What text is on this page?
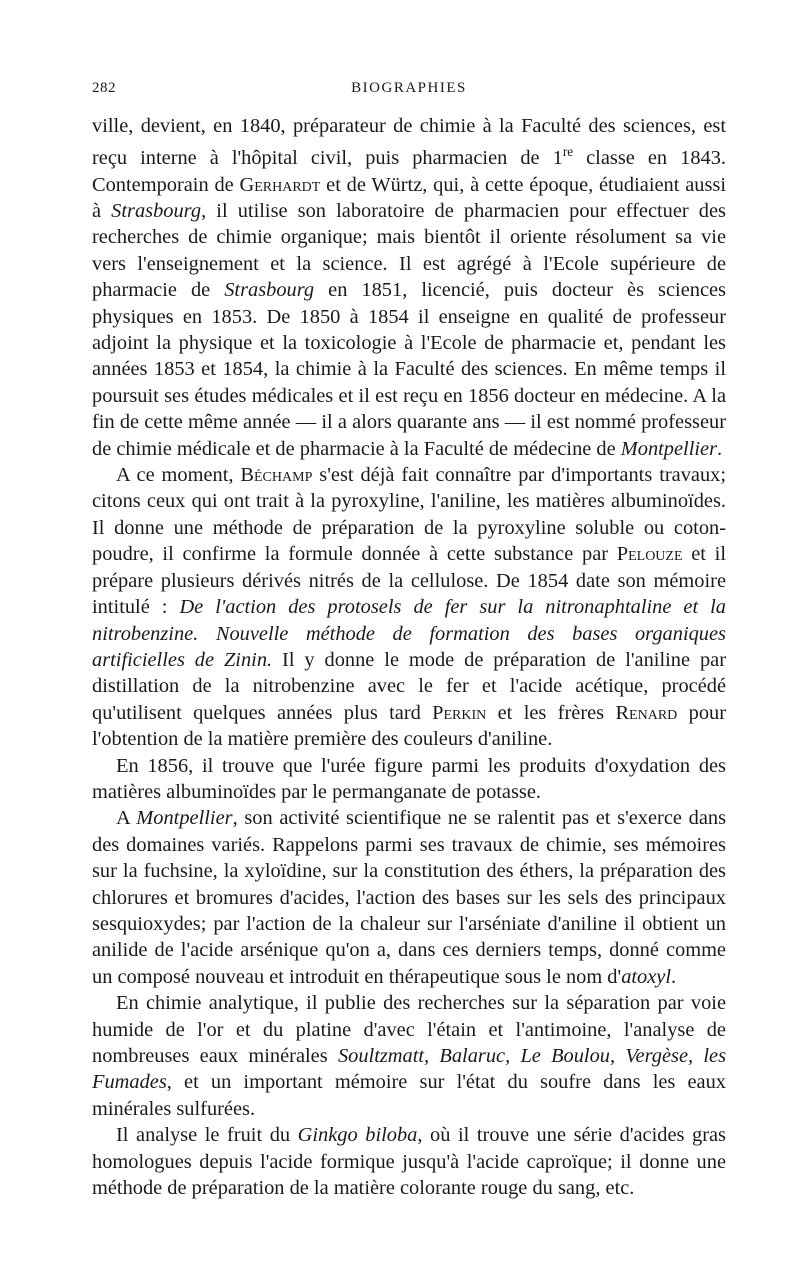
282	BIOGRAPHIES

ville, devient, en 1840, préparateur de chimie à la Faculté des sciences, est reçu interne à l'hôpital civil, puis pharmacien de 1re classe en 1843. Contemporain de Gerhardt et de Würtz, qui, à cette époque, étudiaient aussi à Strasbourg, il utilise son laboratoire de pharmacien pour effectuer des recherches de chimie organique; mais bientôt il oriente résolument sa vie vers l'enseignement et la science. Il est agrégé à l'Ecole supérieure de pharmacie de Strasbourg en 1851, licencié, puis docteur ès sciences physiques en 1853. De 1850 à 1854 il enseigne en qualité de professeur adjoint la physique et la toxicologie à l'Ecole de pharmacie et, pendant les années 1853 et 1854, la chimie à la Faculté des sciences. En même temps il poursuit ses études médicales et il est reçu en 1856 docteur en médecine. A la fin de cette même année — il a alors quarante ans — il est nommé professeur de chimie médicale et de pharmacie à la Faculté de médecine de Montpellier.

A ce moment, Béchamp s'est déjà fait connaître par d'importants travaux; citons ceux qui ont trait à la pyroxyline, l'aniline, les matières albuminoïdes. Il donne une méthode de préparation de la pyroxyline soluble ou coton-poudre, il confirme la formule donnée à cette substance par Pelouze et il prépare plusieurs dérivés nitrés de la cellulose. De 1854 date son mémoire intitulé : De l'action des protosels de fer sur la nitronaphtaline et la nitrobenzine. Nouvelle méthode de formation des bases organiques artificielles de Zinin. Il y donne le mode de préparation de l'aniline par distillation de la nitrobenzine avec le fer et l'acide acétique, procédé qu'utilisent quelques années plus tard Perkin et les frères Renard pour l'obtention de la matière première des couleurs d'aniline.

En 1856, il trouve que l'urée figure parmi les produits d'oxydation des matières albuminoïdes par le permanganate de potasse.

A Montpellier, son activité scientifique ne se ralentit pas et s'exerce dans des domaines variés. Rappelons parmi ses travaux de chimie, ses mémoires sur la fuchsine, la xyloïdine, sur la constitution des éthers, la préparation des chlorures et bromures d'acides, l'action des bases sur les sels des principaux sesquioxydes; par l'action de la chaleur sur l'arséniate d'aniline il obtient un anilide de l'acide arsénique qu'on a, dans ces derniers temps, donné comme un composé nouveau et introduit en thérapeutique sous le nom d'atoxyl.

En chimie analytique, il publie des recherches sur la séparation par voie humide de l'or et du platine d'avec l'étain et l'antimoine, l'analyse de nombreuses eaux minérales Soultzmatt, Balaruc, Le Boulou, Vergèse, les Fumades, et un important mémoire sur l'état du soufre dans les eaux minérales sulfurées.

Il analyse le fruit du Ginkgo biloba, où il trouve une série d'acides gras homologues depuis l'acide formique jusqu'à l'acide caproïque; il donne une méthode de préparation de la matière colorante rouge du sang, etc.
